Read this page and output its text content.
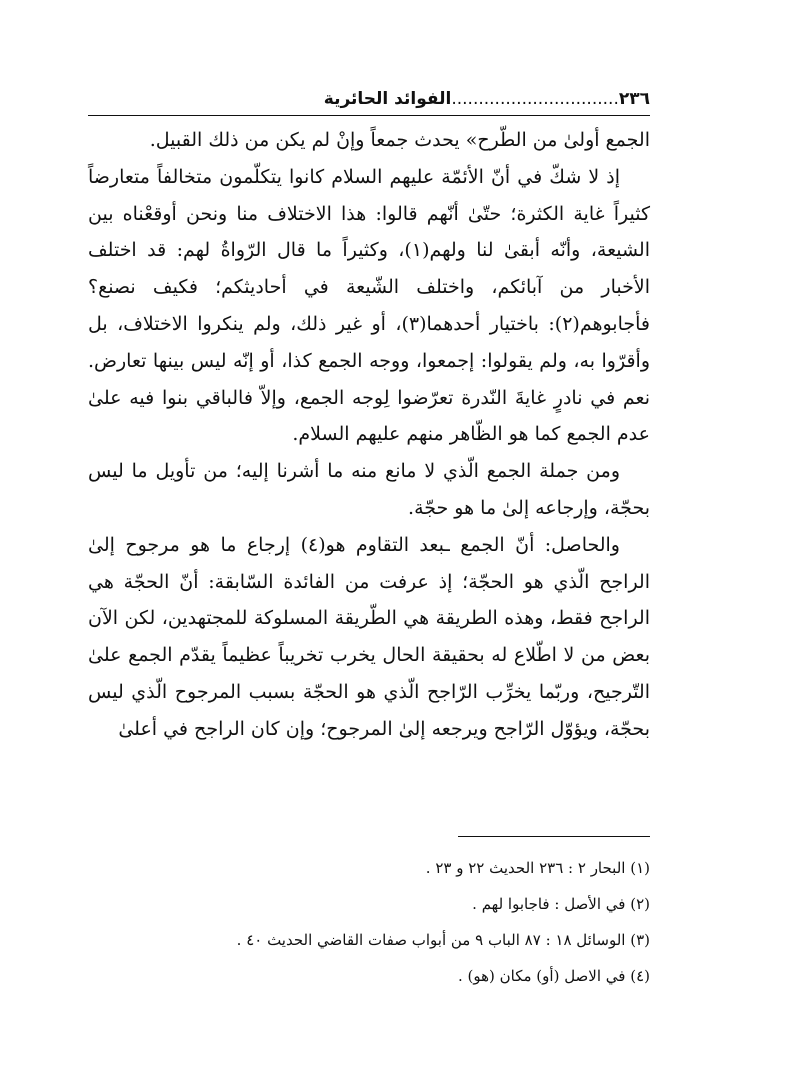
٢٣٦...............................الفوائد الحائرية

الجمع أولىٰ من الطّرح» يحدث جمعاً وإنْ لم يكن من ذلك القبيل.

إذ لا شكّ في أنّ الأئمّة عليهم السلام كانوا يتكلّمون متخالفاً متعارضاً كثيراً غاية الكثرة؛ حتّىٰ أنّهم قالوا: هذا الاختلاف منا ونحن أوقعْناه بين الشيعة، وأنّه أبقىٰ لنا ولهم(١)، وكثيراً ما قال الرّواةُ لهم: قد اختلف الأخبار من آبائكم، واختلف الشّيعة في أحاديثكم؛ فكيف نصنع؟ فأجابوهم(٢): باختيار أحدهما(٣)، أو غير ذلك، ولم ينكروا الاختلاف، بل وأقرّوا به، ولم يقولوا: إجمعوا، ووجه الجمع كذا، أو إنّه ليس بينها تعارض. نعم في نادرٍ غايةَ النّدرة تعرّضوا لِوجه الجمع، وإلاّ فالباقي بنوا فيه علىٰ عدم الجمع كما هو الظّاهر منهم عليهم السلام.

ومن جملة الجمع الّذي لا مانع منه ما أشرنا إليه؛ من تأويل ما ليس بحجّة، وإرجاعه إلىٰ ما هو حجّة.

والحاصل: أنّ الجمع ـبعد التقاوم هو(٤) إرجاع ما هو مرجوح إلىٰ الراجح الّذي هو الحجّة؛ إذ عرفت من الفائدة السّابقة: أنّ الحجّة هي الراجح فقط، وهذه الطريقة هي الطّريقة المسلوكة للمجتهدين، لكن الآن بعض من لا اطّلاع له بحقيقة الحال يخرب تخريباً عظيماً يقدّم الجمع علىٰ التّرجيح، وربّما يخرِّب الرّاجح الّذي هو الحجّة بسبب المرجوح الّذي ليس بحجّة، ويؤوّل الرّاجح ويرجعه إلىٰ المرجوح؛ وإن كان الراجح في أعلىٰ

(١) البحار ٢ : ٢٣٦ الحديث ٢٢ و ٢٣ .

(٢) في الأصل : فاجابوا لهم .

(٣) الوسائل ١٨ : ٨٧ الباب ٩ من أبواب صفات القاضي الحديث ٤٠ .

(٤) في الاصل (أو) مكان (هو) .
